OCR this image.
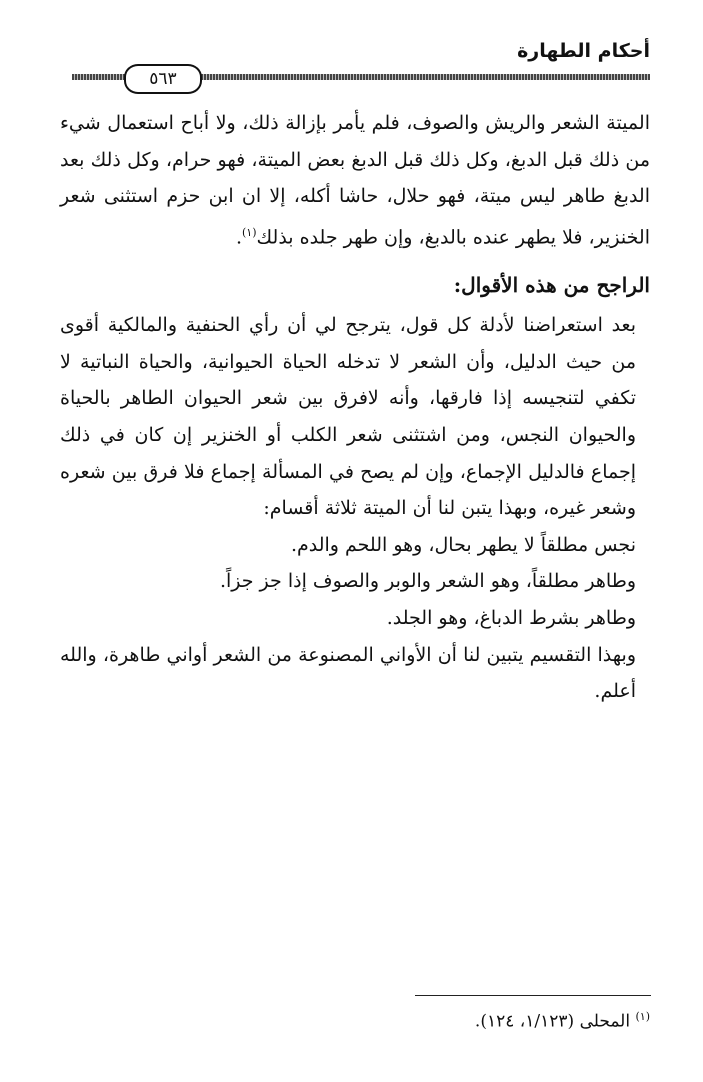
أحكام الطهارة
٥٦٣

الميتة الشعر والريش والصوف، فلم يأمر بإزالة ذلك، ولا أباح استعمال شيء من ذلك قبل الدبغ، وكل ذلك قبل الدبغ بعض الميتة، فهو حرام، وكل ذلك بعد الدبغ طاهر ليس ميتة، فهو حلال، حاشا أكله، إلا ان ابن حزم استثنى شعر الخنزير، فلا يطهر عنده بالدبغ، وإن طهر جلده بذلك$^{(١)}$.

الراجح من هذه الأقوال:

بعد استعراضنا لأدلة كل قول، يترجح لي أن رأي الحنفية والمالكية أقوى من حيث الدليل، وأن الشعر لا تدخله الحياة الحيوانية، والحياة النباتية لا تكفي لتنجيسه إذا فارقها، وأنه لافرق بين شعر الحيوان الطاهر بالحياة والحيوان النجس، ومن اشتثنى شعر الكلب أو الخنزير إن كان في ذلك إجماع فالدليل الإجماع، وإن لم يصح في المسألة إجماع فلا فرق بين شعره وشعر غيره، وبهذا يتبن لنا أن الميتة ثلاثة أقسام:

نجس مطلقاً لا يطهر بحال، وهو اللحم والدم.

وطاهر مطلقاً، وهو الشعر والوبر والصوف إذا جز جزاً.

وطاهر بشرط الدباغ، وهو الجلد.

وبهذا التقسيم يتبين لنا أن الأواني المصنوعة من الشعر أواني طاهرة، والله أعلم.

$^{(١)}$ المحلى (١/١٢٣، ١٢٤).
